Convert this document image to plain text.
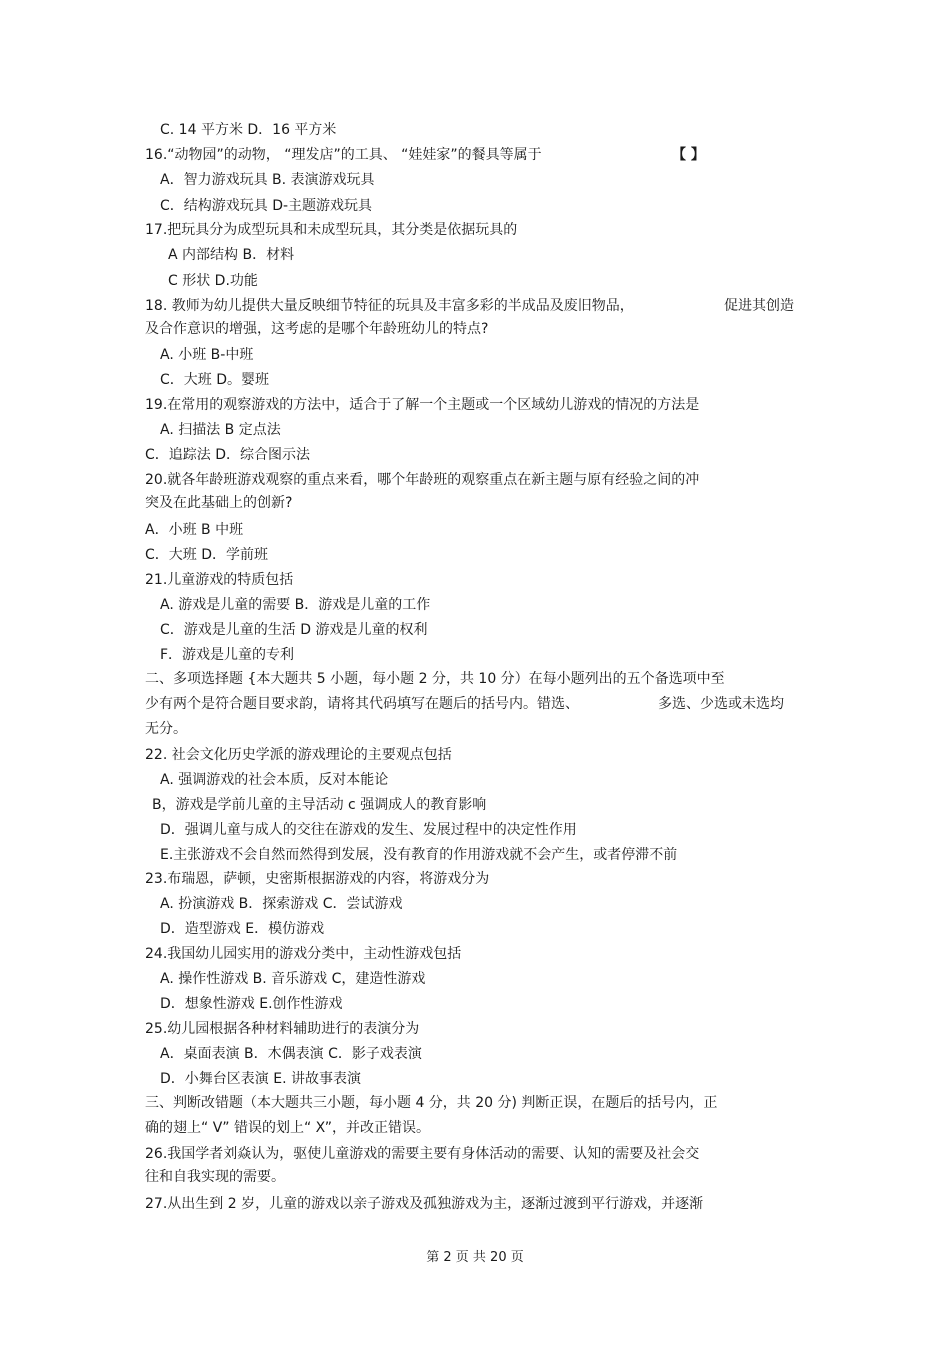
C. 14 平方米 D．16 平方米
16.“动物园”的动物， “理发店”的工具、 “娃娃家”的餐具等属于	【 】
A．智力游戏玩具 B. 表演游戏玩具
C．结构游戏玩具 D-主题游戏玩具
17.把玩具分为成型玩具和未成型玩具，其分类是依据玩具的
A 内部结构 B．材料
C 形状 D.功能
18. 教师为幼儿提供大量反映细节特征的玩具及丰富多彩的半成品及废旧物品，	促进其创造
及合作意识的增强，这考虑的是哪个年龄班幼儿的特点?
A. 小班 B-中班
C．大班 D。婴班
19.在常用的观察游戏的方法中，适合于了解一个主题或一个区域幼儿游戏的情况的方法是
A. 扫描法 B 定点法
C．追踪法 D．综合图示法
20.就各年龄班游戏观察的重点来看，哪个年龄班的观察重点在新主题与原有经验之间的冲
突及在此基础上的创新?
A．小班 B 中班
C．大班 D．学前班
21.儿童游戏的特质包括
A. 游戏是儿童的需要 B．游戏是儿童的工作
C．游戏是儿童的生活 D 游戏是儿童的权利
F．游戏是儿童的专利
二、多项选择题 {本大题共 5 小题，每小题 2 分，共 10 分）在每小题列出的五个备选项中至
少有两个是符合题目要求韵，请将其代码填写在题后的括号内。错选、	多选、少选或未选均
无分。
22. 社会文化历史学派的游戏理论的主要观点包括
A. 强调游戏的社会本质，反对本能论
B，游戏是学前儿童的主导活动 c 强调成人的教育影响
D．强调儿童与成人的交往在游戏的发生、发展过程中的决定性作用
E.主张游戏不会自然而然得到发展，没有教育的作用游戏就不会产生，或者停滞不前
23.布瑞恩，萨顿，史密斯根据游戏的内容，将游戏分为
A. 扮演游戏 B．探索游戏 C．尝试游戏
D．造型游戏 E．模仿游戏
24.我国幼儿园实用的游戏分类中，主动性游戏包括
A. 操作性游戏 B. 音乐游戏 C，建造性游戏
D．想象性游戏 E.创作性游戏
25.幼儿园根据各种材料辅助进行的表演分为
A．桌面表演 B．木偶表演 C．影子戏表演
D．小舞台区表演 E. 讲故事表演
三、判断改错题（本大题共三小题，每小题 4 分，共 20 分) 判断正误，在题后的括号内，正
确的翅上“ V” 错误的划上“ X”，并改正错误。
26.我国学者刘焱认为，驱使儿童游戏的需要主要有身体活动的需要、认知的需要及社会交
往和自我实现的需要。
27.从出生到 2 岁，儿童的游戏以亲子游戏及孤独游戏为主，逐渐过渡到平行游戏，并逐渐
第 2 页 共 20 页
